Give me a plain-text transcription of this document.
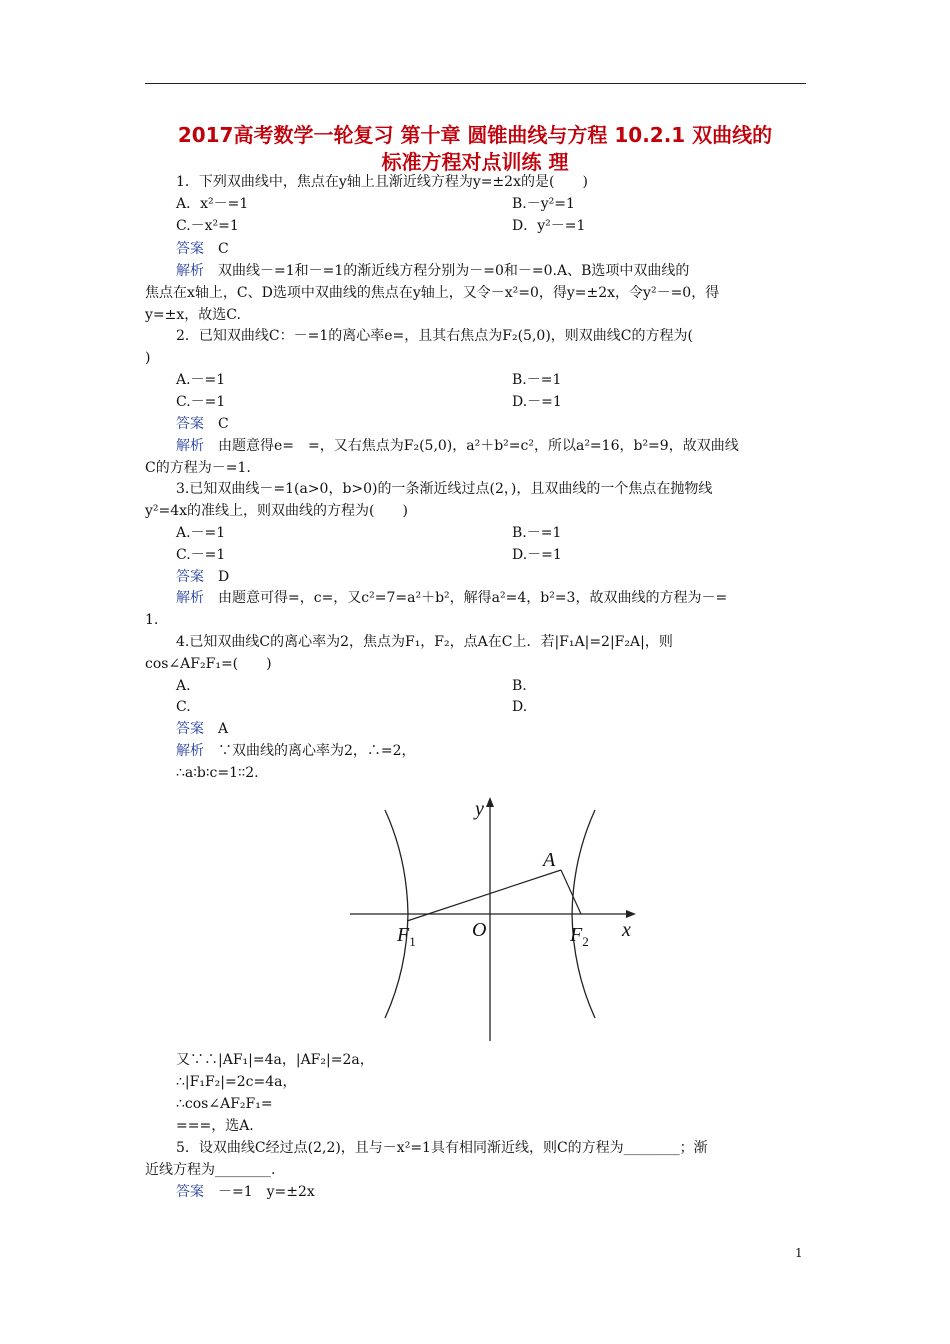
2017高考数学一轮复习 第十章 圆锥曲线与方程 10.2.1 双曲线的
标准方程对点训练 理
1．下列双曲线中，焦点在y轴上且渐近线方程为y=±2x的是(　　)
A．x²－=1	B.－y²=1
C.－x²=1	D．y²－=1
答案 C
解析 双曲线－=1和－=1的渐近线方程分别为－=0和－=0.A、B选项中双曲线的
焦点在x轴上，C、D选项中双曲线的焦点在y轴上，又令－x²=0，得y=±2x，令y²－=0，得
y=±x，故选C.
2．已知双曲线C：－=1的离心率e=，且其右焦点为F₂(5,0)，则双曲线C的方程为(
)
A.－=1	B.－=1
C.－=1	D.－=1
答案 C
解析 由题意得e=　=，又右焦点为F₂(5,0)，a²＋b²=c²，所以a²=16，b²=9，故双曲线
C的方程为－=1.
3.已知双曲线－=1(a>0，b>0)的一条渐近线过点(2，)，且双曲线的一个焦点在抛物线
y²=4x的准线上，则双曲线的方程为(　　)
A.－=1	B.－=1
C.－=1	D.－=1
答案 D
解析 由题意可得=，c=，又c²=7=a²＋b²，解得a²=4，b²=3，故双曲线的方程为－=
1.
4.已知双曲线C的离心率为2，焦点为F₁，F₂，点A在C上．若|F₁A|=2|F₂A|，则
cos∠AF₂F₁=(　　)
A.	B.
C.	D.
答案 A
解析 ∵双曲线的离心率为2，∴=2，
∴a∶b∶c=1∶∶2.
y
x
O
A
$F_1$	$F_2$
又∵∴|AF₁|=4a，|AF₂|=2a，
∴|F₁F₂|=2c=4a，
∴cos∠AF₂F₁=
===，选A.
5．设双曲线C经过点(2,2)，且与－x²=1具有相同渐近线，则C的方程为________；渐
近线方程为________.
答案 －=1　y=±2x
1
